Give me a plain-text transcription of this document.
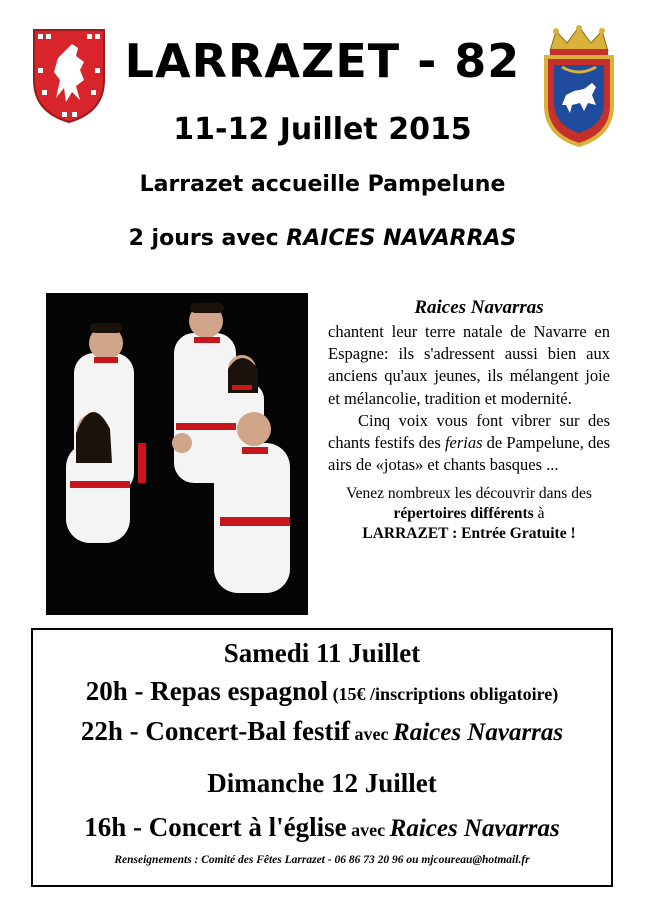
LARRAZET - 82
11-12 Juillet 2015
Larrazet accueille Pampelune
2 jours avec RAICES NAVARRAS
Raices Navarras

chantent leur terre natale de Navarre en Espagne: ils s'adressent aussi bien aux anciens qu'aux jeunes, ils mélangent joie et mélancolie, tradition et modernité.

Cinq voix vous font vibrer sur des chants festifs des ferias de Pampelune, des airs de «jotas» et chants basques ...

Venez nombreux les découvrir dans des répertoires différents à
LARRAZET : Entrée Gratuite !
Samedi 11 Juillet
20h - Repas espagnol (15€ /inscriptions obligatoire)
22h - Concert-Bal festif avec Raices Navarras
Dimanche 12 Juillet
16h - Concert à l'église avec Raices Navarras
Renseignements : Comité des Fêtes Larrazet - 06 86 73 20 96 ou mjcoureau@hotmail.fr
